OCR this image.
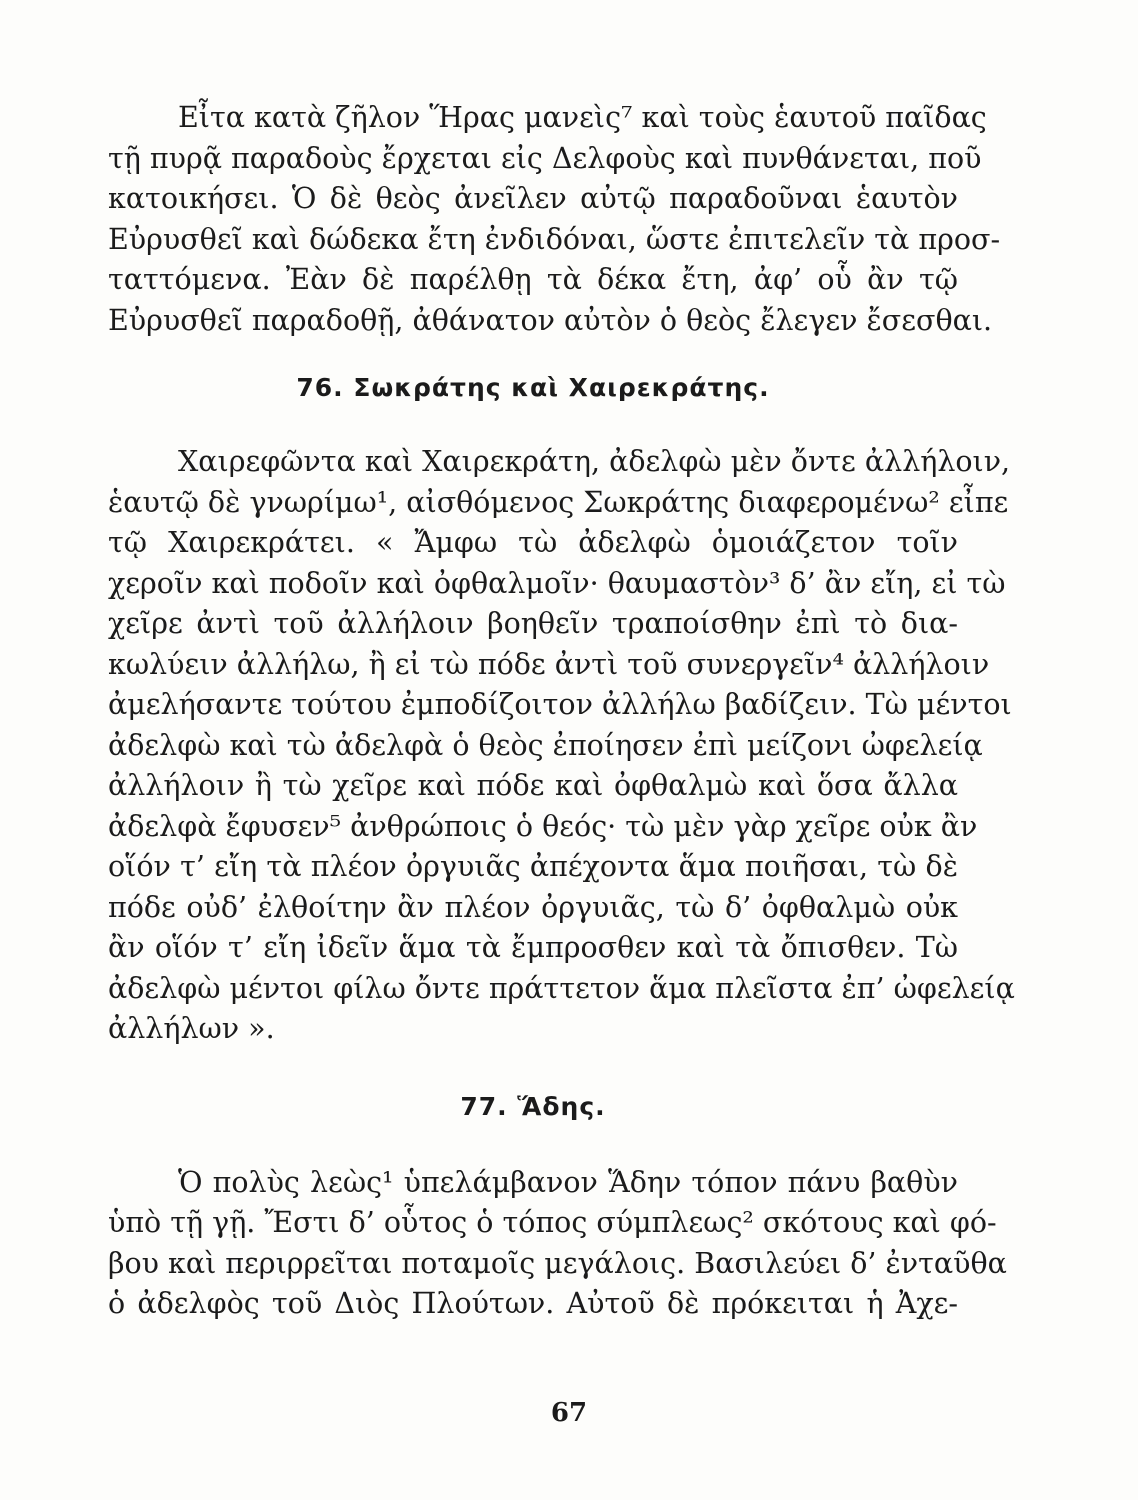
Εἶτα κατὰ ζῆλον Ἥρας μανεὶς⁷ καὶ τοὺς ἑαυτοῦ παῖδας
τῇ πυρᾷ παραδοὺς ἔρχεται εἰς Δελφοὺς καὶ πυνθάνεται, ποῦ
κατοικήσει. Ὁ δὲ θεὸς ἀνεῖλεν αὐτῷ παραδοῦναι ἑαυτὸν
Εὐρυσθεῖ καὶ δώδεκα ἔτη ἐνδιδόναι, ὥστε ἐπιτελεῖν τὰ προσ-
ταττόμενα. Ἐὰν δὲ παρέλθῃ τὰ δέκα ἔτη, ἀφ’ οὗ ἂν τῷ
Εὐρυσθεῖ παραδοθῇ, ἀθάνατον αὐτὸν ὁ θεὸς ἔλεγεν ἔσεσθαι.

76. Σωκράτης καὶ Χαιρεκράτης.

Χαιρεφῶντα καὶ Χαιρεκράτη, ἀδελφὼ μὲν ὄντε ἀλλήλοιν,
ἑαυτῷ δὲ γνωρίμω¹, αἰσθόμενος Σωκράτης διαφερομένω² εἶπε
τῷ Χαιρεκράτει. « Ἄμφω τὼ ἀδελφὼ ὁμοιάζετον τοῖν
χεροῖν καὶ ποδοῖν καὶ ὀφθαλμοῖν· θαυμαστὸν³ δ’ ἂν εἴη, εἰ τὼ
χεῖρε ἀντὶ τοῦ ἀλλήλοιν βοηθεῖν τραποίσθην ἐπὶ τὸ δια-
κωλύειν ἀλλήλω, ἢ εἰ τὼ πόδε ἀντὶ τοῦ συνεργεῖν⁴ ἀλλήλοιν
ἀμελήσαντε τούτου ἐμποδίζοιτον ἀλλήλω βαδίζειν. Τὼ μέντοι
ἀδελφὼ καὶ τὼ ἀδελφὰ ὁ θεὸς ἐποίησεν ἐπὶ μείζονι ὠφελείᾳ
ἀλλήλοιν ἢ τὼ χεῖρε καὶ πόδε καὶ ὀφθαλμὼ καὶ ὅσα ἄλλα
ἀδελφὰ ἔφυσεν⁵ ἀνθρώποις ὁ θεός· τὼ μὲν γὰρ χεῖρε οὐκ ἂν
οἵόν τ’ εἴη τὰ πλέον ὀργυιᾶς ἀπέχοντα ἅμα ποιῆσαι, τὼ δὲ
πόδε οὐδ’ ἐλθοίτην ἂν πλέον ὀργυιᾶς, τὼ δ’ ὀφθαλμὼ οὐκ
ἂν οἵόν τ’ εἴη ἰδεῖν ἅμα τὰ ἔμπροσθεν καὶ τὰ ὄπισθεν. Τὼ
ἀδελφὼ μέντοι φίλω ὄντε πράττετον ἅμα πλεῖστα ἐπ’ ὠφελείᾳ
ἀλλήλων ».

77. Ἅδης.

Ὁ πολὺς λεὼς¹ ὑπελάμβανον Ἅδην τόπον πάνυ βαθὺν
ὑπὸ τῇ γῇ. Ἔστι δ’ οὗτος ὁ τόπος σύμπλεως² σκότους καὶ φό-
βου καὶ περιρρεῖται ποταμοῖς μεγάλοις. Βασιλεύει δ’ ἐνταῦθα
ὁ ἀδελφὸς τοῦ Διὸς Πλούτων. Αὐτοῦ δὲ πρόκειται ἡ Ἀχε-

67
